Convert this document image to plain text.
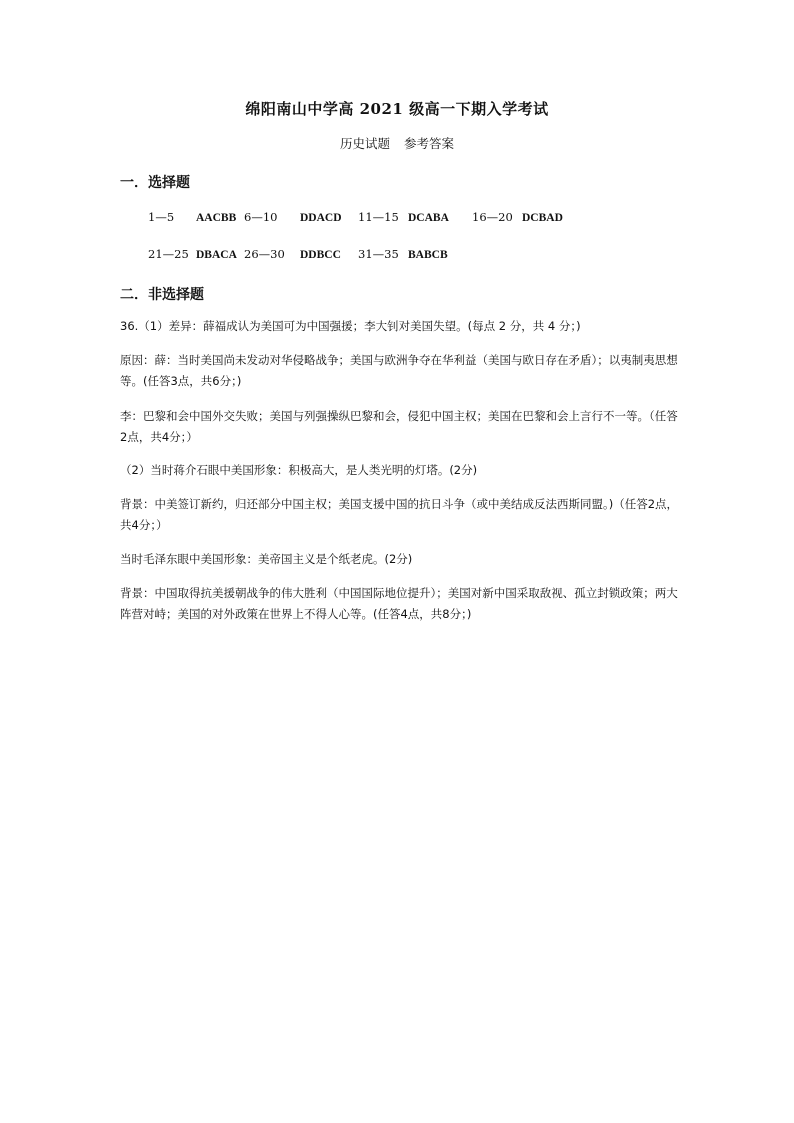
绵阳南山中学高 2021 级高一下期入学考试
历史试题 参考答案
一．选择题
1—5 AACBB 6—10 DDACD 11—15 DCABA 16—20 DCBAD
21—25 DBACA 26—30 DDBCC 31—35 BABCB
二．非选择题
36.（1）差异：薛福成认为美国可为中国强援；李大钊对美国失望。(每点 2 分，共 4 分；)
原因：薛：当时美国尚未发动对华侵略战争；美国与欧洲争夺在华利益（美国与欧日存在矛盾）；以夷制夷思想等。(任答3点，共6分；)
李：巴黎和会中国外交失败；美国与列强操纵巴黎和会，侵犯中国主权；美国在巴黎和会上言行不一等。（任答2点，共4分；）
（2）当时蒋介石眼中美国形象：积极高大，是人类光明的灯塔。(2分)
背景：中美签订新约，归还部分中国主权；美国支援中国的抗日斗争（或中美结成反法西斯同盟。)（任答2点，共4分；）
当时毛泽东眼中美国形象：美帝国主义是个纸老虎。(2分)
背景：中国取得抗美援朝战争的伟大胜利（中国国际地位提升）；美国对新中国采取敌视、孤立封锁政策；两大阵营对峙；美国的对外政策在世界上不得人心等。(任答4点，共8分；)
